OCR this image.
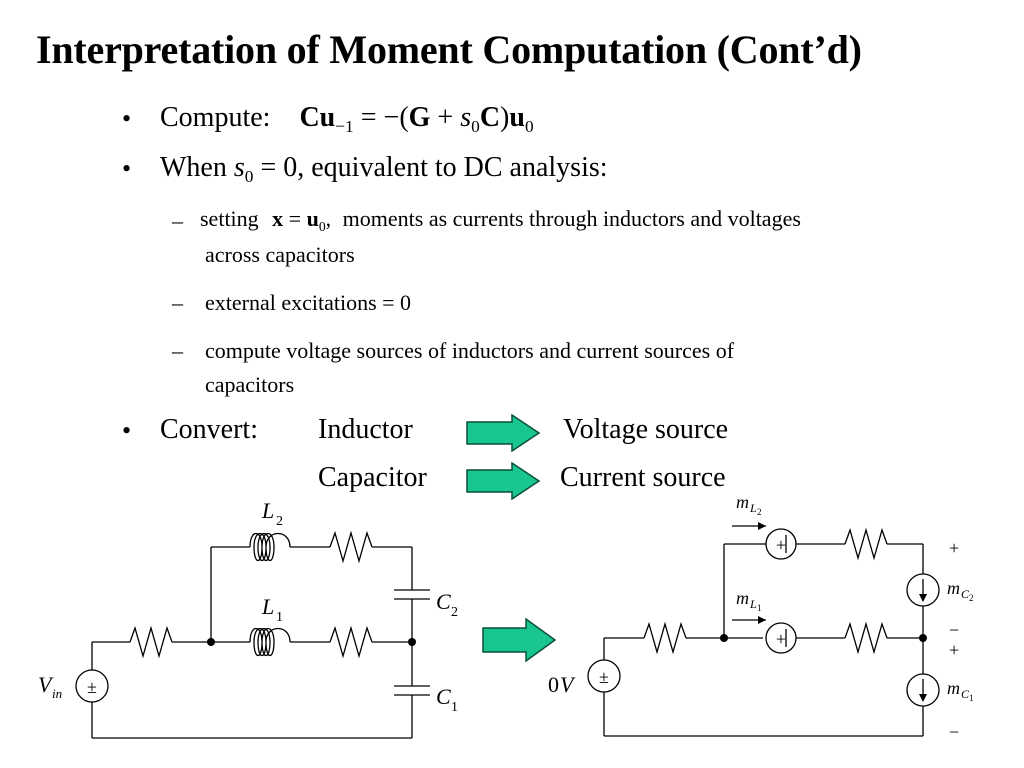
Interpretation of Moment Computation (Cont’d)
• Compute: $Cu_{-1} = -(G + s_0C)u_0$
• When $s_0 = 0$, equivalent to DC analysis:
– setting $x = u_0$, moments as currents through inductors and voltages
across capacitors
– external excitations = 0
– compute voltage sources of inductors and current sources of
capacitors
• Convert: Inductor	Voltage source
Capacitor	Current source
±
L 2
L 1
C 2
C 1
V in
+
+
±
m L 2
m L 1
m C 2
m C 1
+
−
+
−
0 V
